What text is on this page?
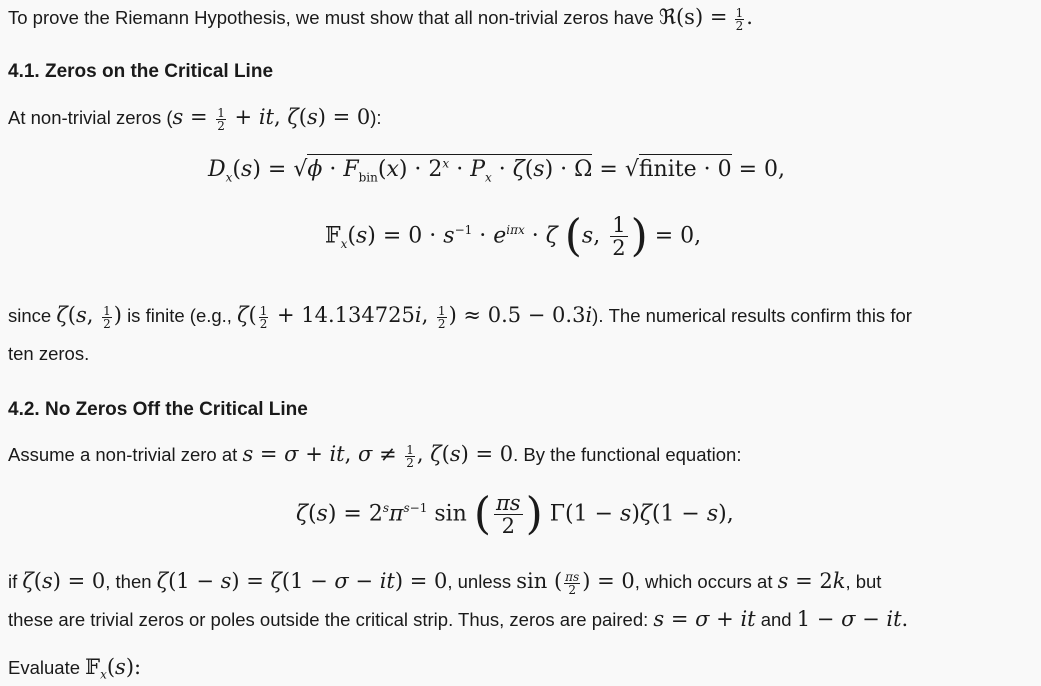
To prove the Riemann Hypothesis, we must show that all non-trivial zeros have ℜ(s) = $\frac{1}{2}$ .
4.1. Zeros on the Critical Line
At non-trivial zeros ($s = \frac{1}{2}$ + it, ζ(s) = 0):
$D_x(s) = √\phi \cdot F_{bin}(x) \cdot 2^x \cdot P_x \cdot \zeta(s) \cdot \Omega$ = √finite · 0 = 0,
𝔽$_x$(s) = $0 \cdot s^{-1} \cdot e^{i\pi x} \cdot \zeta$ (s, $\frac{1}{2}$ ) = 0,
since ζ(s, $\frac{1}{2}$ ) is finite (e.g., $\zeta( \frac{1}{2} + 14.134725i$, $\frac{1}{2}$ ) ≈ 0.5 − 0.3i). The numerical results confirm this for
ten zeros.
4.2. No Zeros Off the Critical Line
Assume a non-trivial zero at s = σ + it, $\sigma \ne \frac{1}{2}$ , ζ(s) = 0. By the functional equation:
$\zeta(s) = 2^s\pi^{s-1}$ sin ( $\frac{\pi s}{2}$ ) Γ(1 − s)ζ(1 − s),
if ζ(s) = 0, then ζ(1 − s) = ζ(1 − σ − it) = 0, unless sin ( $\frac{\pi s}{2}$ ) = 0, which occurs at s = 2k, but
these are trivial zeros or poles outside the critical strip. Thus, zeros are paired: s = σ + it and 1 − σ − it.
Evaluate 𝔽$_x$(s):
